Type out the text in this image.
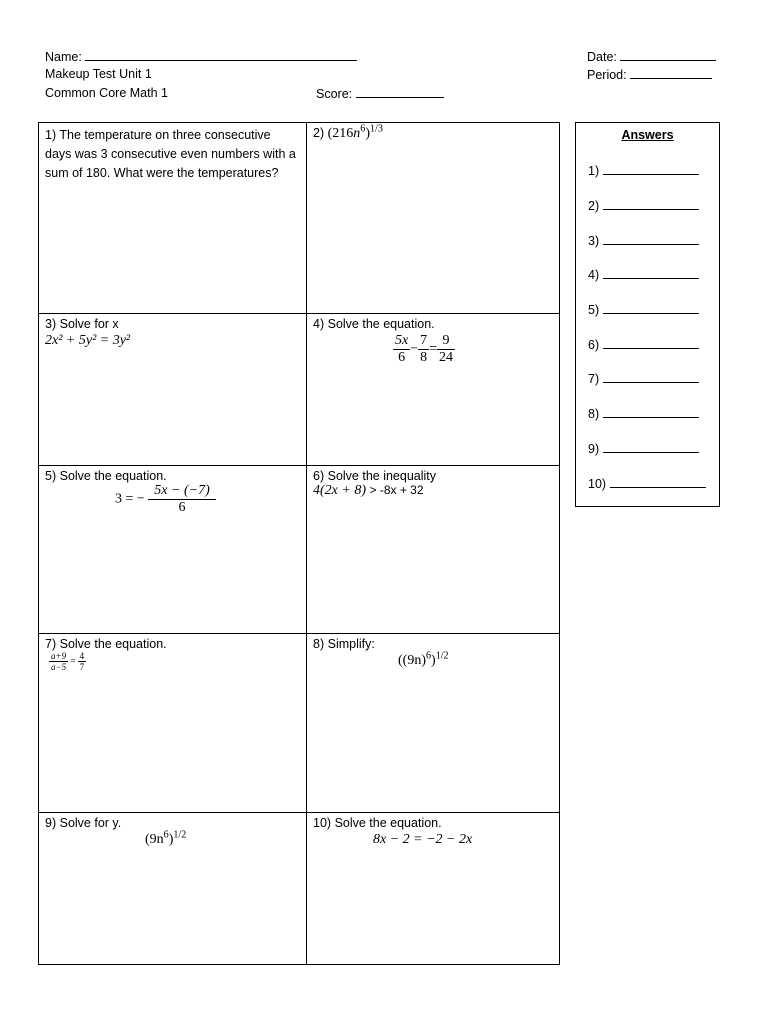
Name:
Makeup Test Unit 1
Common Core Math 1	Score:
Date:
Period:
1) The temperature on three consecutive days was 3 consecutive even numbers with a sum of 180. What were the temperatures?
2) $(216n^6)^{1/3}$
3) Solve for x
2x² + 5y² = 3y²
4) Solve the equation.
$\frac{5x}{6} - \frac{7}{8} = \frac{9}{24}$
5) Solve the equation.
3 = − $\frac{5x - (-7)}{6}$
6) Solve the inequality
4(2x + 8) > -8x + 32
7) Solve the equation.
$\frac{a+9}{a-5} = \frac{4}{7}$
8) Simplify:
$((9n)^6)^{1/2}$
9) Solve for y.
$(9n^6)^{1/2}$
10) Solve the equation.
8x − 2 = −2 − 2x
Answers
1)
2)
3)
4)
5)
6)
7)
8)
9)
10)
